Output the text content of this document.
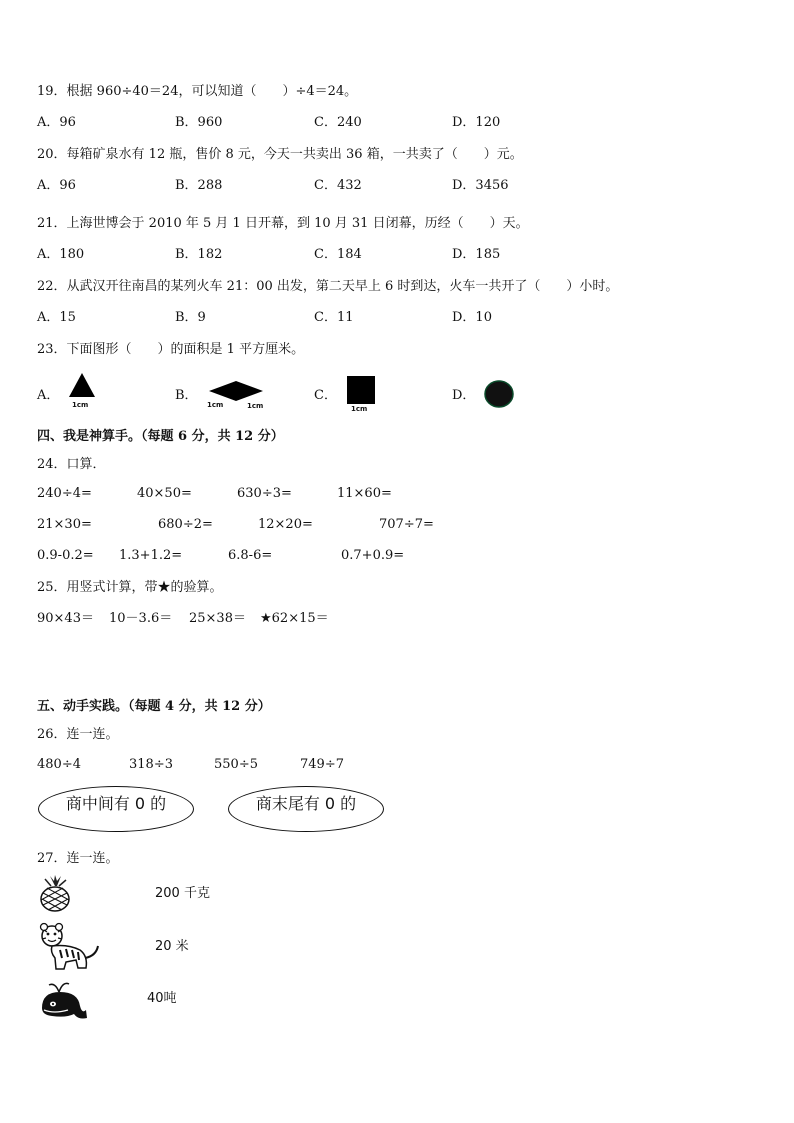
19．根据 960÷40＝24，可以知道（　　）÷4＝24。
A．96	B．960	C．240	D．120
20．每箱矿泉水有 12 瓶，售价 8 元，今天一共卖出 36 箱，一共卖了（　　）元。
A．96	B．288	C．432	D．3456
21．上海世博会于 2010 年 5 月 1 日开幕，到 10 月 31 日闭幕，历经（　　）天。
A．180	B．182	C．184	D．185
22．从武汉开往南昌的某列火车 21：00 出发，第二天早上 6 时到达，火车一共开了（　　）小时。
A．15	B．9	C．11	D．10
23．下面图形（　　）的面积是 1 平方厘米。
A．
1cm
B．
1cm	1cm
C．
1cm
D．
四、我是神算手。（每题 6 分，共 12 分）
24．口算．
240÷4=	40×50=	630÷3=	11×60=
21×30=	680÷2=	12×20=	707÷7=
0.9-0.2= 1.3+1.2=	6.8-6=	0.7+0.9=
25．用竖式计算，带★的验算。
90×43＝ 10－3.6＝ 25×38＝ ★62×15＝
五、动手实践。（每题 4 分，共 12 分）
26．连一连。
480÷4	318÷3	550÷5	749÷7
商中间有 0 的	商末尾有 0 的
27．连一连。
200 千克
20 米
40吨
